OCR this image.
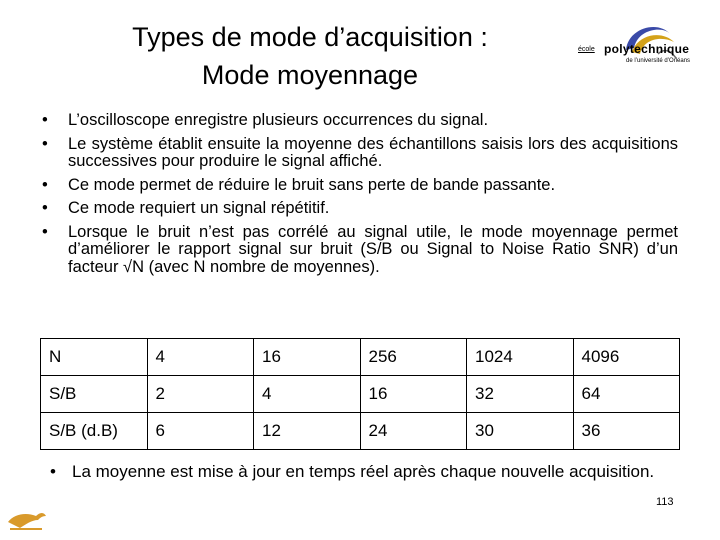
Types de mode d’acquisition :
Mode moyennage
école polytechnique
de l’université d’Orléans
• L’oscilloscope enregistre plusieurs occurrences du signal.
• Le système établit ensuite la moyenne des échantillons saisis lors des acquisitions successives pour produire le signal affiché.
• Ce mode permet de réduire le bruit sans perte de bande passante.
• Ce mode requiert un signal répétitif.
• Lorsque le bruit n’est pas corrélé au signal utile, le mode moyennage permet d’améliorer le rapport signal sur bruit (S/B ou Signal to Noise Ratio SNR) d’un facteur √N (avec N nombre de moyennes).
N	4	16	256	1024	4096
S/B	2	4	16	32	64
S/B (d.B)	6	12	24	30	36
• La moyenne est mise à jour en temps réel après chaque nouvelle acquisition.
113
